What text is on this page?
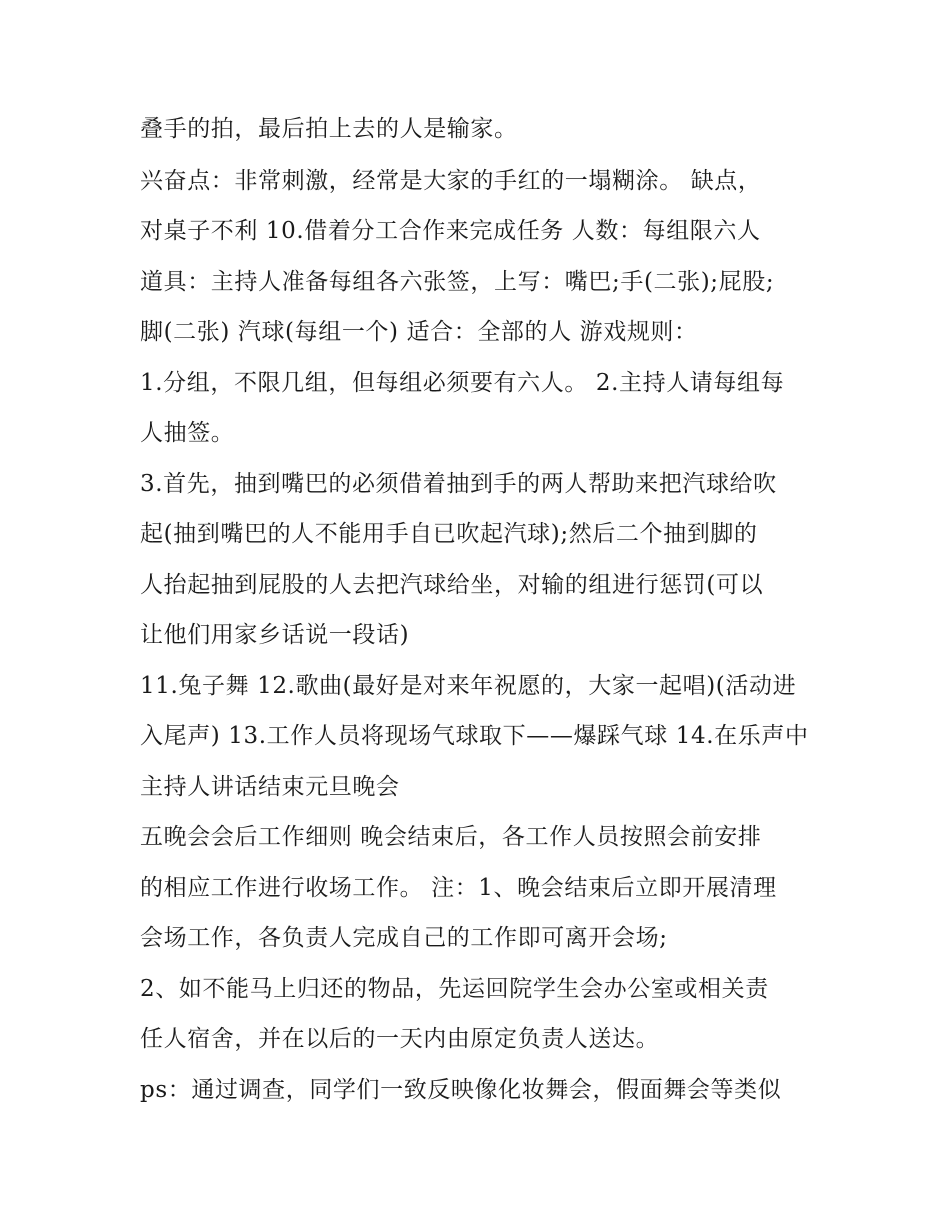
叠手的拍，最后拍上去的人是输家。
兴奋点：非常刺激，经常是大家的手红的一塌糊涂。 缺点，
对桌子不利 10.借着分工合作来完成任务 人数：每组限六人
道具：主持人准备每组各六张签，上写：嘴巴;手(二张);屁股;
脚(二张) 汽球(每组一个) 适合：全部的人 游戏规则：
1.分组，不限几组，但每组必须要有六人。 2.主持人请每组每
人抽签。
3.首先，抽到嘴巴的必须借着抽到手的两人帮助来把汽球给吹
起(抽到嘴巴的人不能用手自已吹起汽球);然后二个抽到脚的
人抬起抽到屁股的人去把汽球给坐，对输的组进行惩罚(可以
让他们用家乡话说一段话)
11.兔子舞 12.歌曲(最好是对来年祝愿的，大家一起唱)(活动进
入尾声) 13.工作人员将现场气球取下——爆踩气球 14.在乐声中
主持人讲话结束元旦晚会
五晚会会后工作细则 晚会结束后，各工作人员按照会前安排
的相应工作进行收场工作。 注：1、晚会结束后立即开展清理
会场工作，各负责人完成自己的工作即可离开会场;
2、如不能马上归还的物品，先运回院学生会办公室或相关责
任人宿舍，并在以后的一天内由原定负责人送达。
ps：通过调查，同学们一致反映像化妆舞会，假面舞会等类似
